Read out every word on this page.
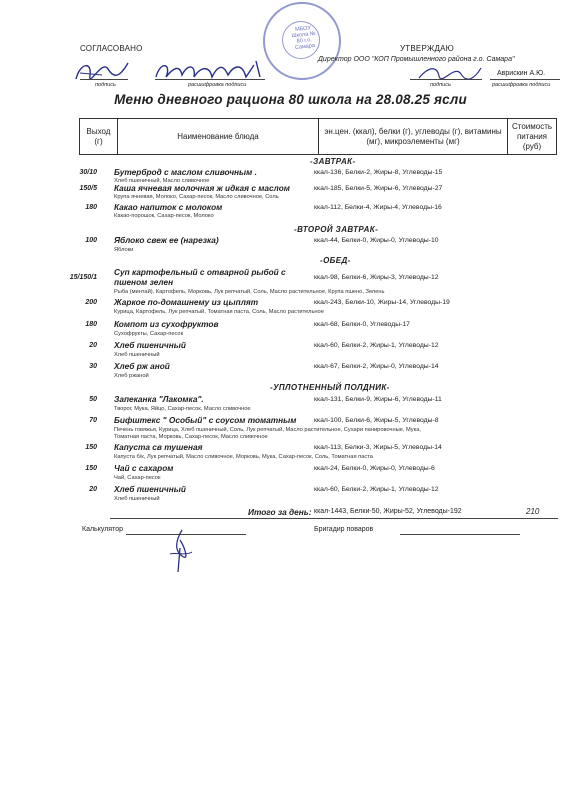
СОГЛАСОВАНО	УТВЕРЖДАЮ
подпись	расшифровка подписи
МБОУ Школа № 80 г.о. Самара
Директор ООО "КОП Промышленного района г.о. Самара"
Аврискин А.Ю.
подпись	расшифровка подписи
Меню дневного рациона 80 школа на 28.08.25 ясли
Выход (г)	Наименование блюда	эн.цен. (ккал), белки (г), углеводы (г), витамины (мг), микроэлементы (мг)	Стоимость питания (руб)
-ЗАВТРАК-
30/10 Бутерброд с маслом сливочным .	ккал-136, Белки-2, Жиры-8, Углеводы-15
Хлеб пшеничный, Масло сливочное
150/5 Каша ячневая молочная ж идкая с маслом	ккал-185, Белки-5, Жиры-6, Углеводы-27
Крупа ячневая, Молоко, Сахар-песок, Масло сливочное, Соль
180 Какао напиток с молоком	ккал-112, Белки-4, Жиры-4, Углеводы-16
Какао-порошок, Сахар-песок, Молоко
-ВТОРОЙ ЗАВТРАК-
100 Яблоко свеж ее (нарезка)	ккал-44, Белки-0, Жиры-0, Углеводы-10
Яблоки
-ОБЕД-
15/150/1
Суп картофельный с отварной рыбой с пшеном зелен	ккал-98, Белки-6, Жиры-3, Углеводы-12
Рыба (минтай), Картофель, Морковь, Лук репчатый, Соль, Масло растительное, Крупа пшено, Зелень
200 Жаркое по-домашнему из цыплят	ккал-243, Белки-10, Жиры-14, Углеводы-19
Курица, Картофель, Лук репчатый, Томатная паста, Соль, Масло растительное
180 Компот из сухофруктов	ккал-68, Белки-0, Углеводы-17
Сухофрукты, Сахар-песок
20 Хлеб пшеничный	ккал-60, Белки-2, Жиры-1, Углеводы-12
Хлеб пшеничный
30 Хлеб рж аной	ккал-67, Белки-2, Жиры-0, Углеводы-14
Хлеб ржаной
-УПЛОТНЕННЫЙ ПОЛДНИК-
50 Запеканка "Лакомка".	ккал-131, Белки-9, Жиры-6, Углеводы-11
Творог, Мука, Яйцо, Сахар-песок, Масло сливочное
70 Бифштекс " Особый" с соусом томатным	ккал-100, Белки-6, Жиры-5, Углеводы-8
Печень говяжья, Курица, Хлеб пшеничный, Соль, Лук репчатый, Масло растительное, Сухари панировочные, Мука,
Томатная паста, Морковь, Сахар-песок, Масло сливочное
150 Капуста св тушеная	ккал-113, Белки-3, Жиры-5, Углеводы-14
Капуста б/к, Лук репчатый, Масло сливочное, Морковь, Мука, Сахар-песок, Соль, Томатная паста
150 Чай с сахаром	ккал-24, Белки-0, Жиры-0, Углеводы-6
Чай, Сахар-песок
20 Хлеб пшеничный	ккал-60, Белки-2, Жиры-1, Углеводы-12
Хлеб пшеничный
Итого за день: ккал-1443, Белки-50, Жиры-52, Углеводы-192	210
Калькулятор	Бригадир поваров
